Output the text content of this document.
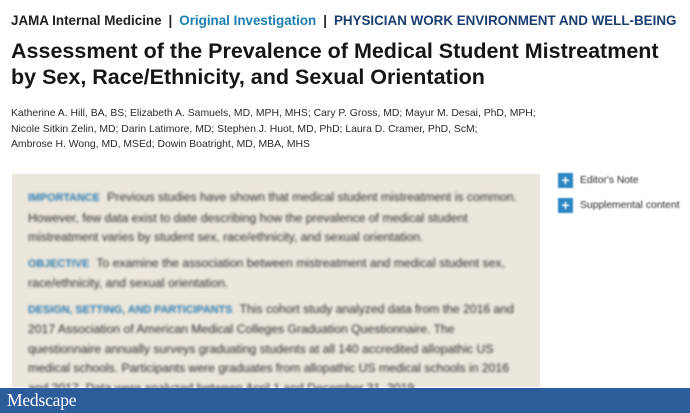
JAMA Internal Medicine | Original Investigation | PHYSICIAN WORK ENVIRONMENT AND WELL-BEING
Assessment of the Prevalence of Medical Student Mistreatment by Sex, Race/Ethnicity, and Sexual Orientation
Katherine A. Hill, BA, BS; Elizabeth A. Samuels, MD, MPH, MHS; Cary P. Gross, MD; Mayur M. Desai, PhD, MPH;
Nicole Sitkin Zelin, MD; Darin Latimore, MD; Stephen J. Huot, MD, PhD; Laura D. Cramer, PhD, ScM;
Ambrose H. Wong, MD, MSEd; Dowin Boatright, MD, MBA, MHS

IMPORTANCE Previous studies have shown that medical student mistreatment is common. However, few data exist to date describing how the prevalence of medical student mistreatment varies by student sex, race/ethnicity, and sexual orientation.

OBJECTIVE To examine the association between mistreatment and medical student sex, race/ethnicity, and sexual orientation.

DESIGN, SETTING, AND PARTICIPANTS This cohort study analyzed data from the 2016 and 2017 Association of American Medical Colleges Graduation Questionnaire. The questionnaire annually surveys graduating students at all 140 accredited allopathic US medical schools. Participants were graduates from allopathic US medical schools in 2016

+	Editor's Note
+	Supplemental content
Medscape
